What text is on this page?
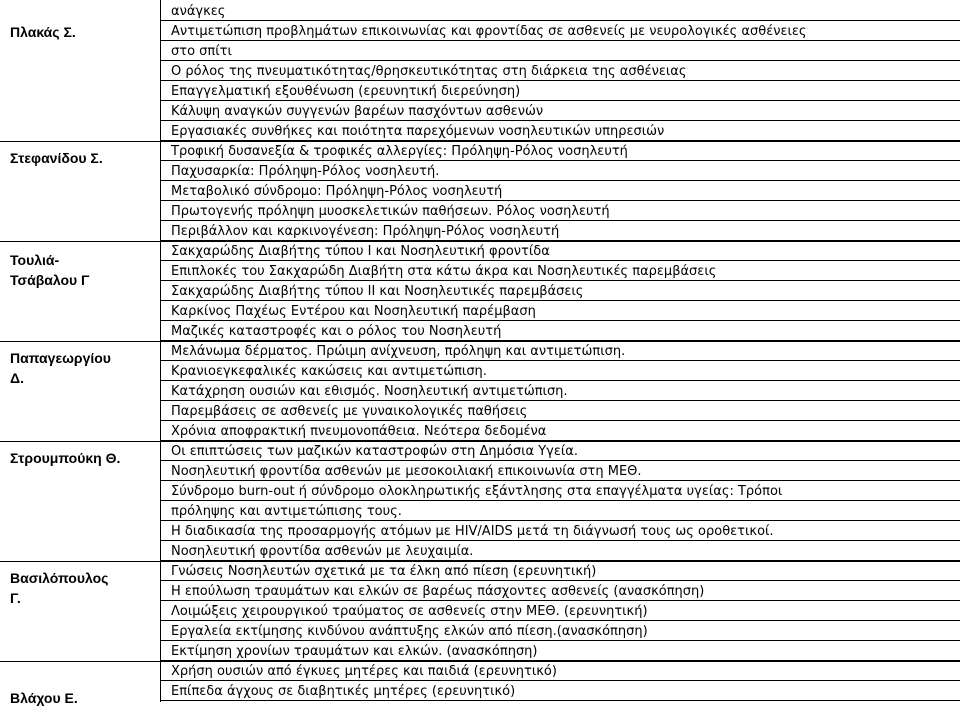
Πλακάς Σ.
Στεφανίδου Σ.
Τουλιά-
Τσάβαλου Γ
Παπαγεωργίου
Δ.
Στρουμπούκη Θ.
Βασιλόπουλος
Γ.
Βλάχου Ε.
ανάγκες
Αντιμετώπιση προβλημάτων επικοινωνίας και φροντίδας σε ασθενείς με νευρολογικές ασθένειες
στο σπίτι
Ο ρόλος της πνευματικότητας/θρησκευτικότητας στη διάρκεια της ασθένειας
Επαγγελματική εξουθένωση (ερευνητική διερεύνηση)
Κάλυψη αναγκών συγγενών βαρέων πασχόντων ασθενών
Εργασιακές συνθήκες και ποιότητα παρεχόμενων νοσηλευτικών υπηρεσιών
Τροφική δυσανεξία & τροφικές αλλεργίες: Πρόληψη-Ρόλος νοσηλευτή
Παχυσαρκία: Πρόληψη-Ρόλος νοσηλευτή.
Μεταβολικό σύνδρομο: Πρόληψη-Ρόλος νοσηλευτή
Πρωτογενής πρόληψη μυοσκελετικών παθήσεων. Ρόλος νοσηλευτή
Περιβάλλον και καρκινογένεση: Πρόληψη-Ρόλος νοσηλευτή
Σακχαρώδης Διαβήτης τύπου Ι και Νοσηλευτική φροντίδα
Επιπλοκές του Σακχαρώδη Διαβήτη στα κάτω άκρα και Νοσηλευτικές παρεμβάσεις
Σακχαρώδης Διαβήτης τύπου ΙΙ και Νοσηλευτικές παρεμβάσεις
Καρκίνος Παχέως Εντέρου και Νοσηλευτική παρέμβαση
Μαζικές καταστροφές και ο ρόλος του Νοσηλευτή
Μελάνωμα δέρματος. Πρώιμη ανίχνευση, πρόληψη και αντιμετώπιση.
Κρανιοεγκεφαλικές κακώσεις και αντιμετώπιση.
Κατάχρηση ουσιών και εθισμός. Νοσηλευτική αντιμετώπιση.
Παρεμβάσεις σε ασθενείς με γυναικολογικές παθήσεις
Χρόνια αποφρακτική πνευμονοπάθεια. Νεότερα δεδομένα
Οι επιπτώσεις των μαζικών καταστροφών στη Δημόσια Υγεία.
Νοσηλευτική φροντίδα ασθενών με μεσοκοιλιακή επικοινωνία στη ΜΕΘ.
Σύνδρομο burn-out ή σύνδρομο ολοκληρωτικής εξάντλησης στα επαγγέλματα υγείας: Τρόποι
πρόληψης και αντιμετώπισης τους.
Η διαδικασία της προσαρμογής ατόμων με HIV/AIDS μετά τη διάγνωσή τους ως οροθετικοί.
Νοσηλευτική φροντίδα ασθενών με λευχαιμία.
Γνώσεις Νοσηλευτών σχετικά με τα έλκη από πίεση (ερευνητική)
Η επούλωση τραυμάτων και ελκών σε βαρέως πάσχοντες ασθενείς (ανασκόπηση)
Λοιμώξεις χειρουργικού τραύματος σε ασθενείς στην ΜΕΘ. (ερευνητική)
Εργαλεία εκτίμησης κινδύνου ανάπτυξης ελκών από πίεση.(ανασκόπηση)
Εκτίμηση χρονίων τραυμάτων και ελκών. (ανασκόπηση)
Χρήση ουσιών από έγκυες μητέρες και παιδιά (ερευνητικό)
Επίπεδα άγχους σε διαβητικές μητέρες (ερευνητικό)
